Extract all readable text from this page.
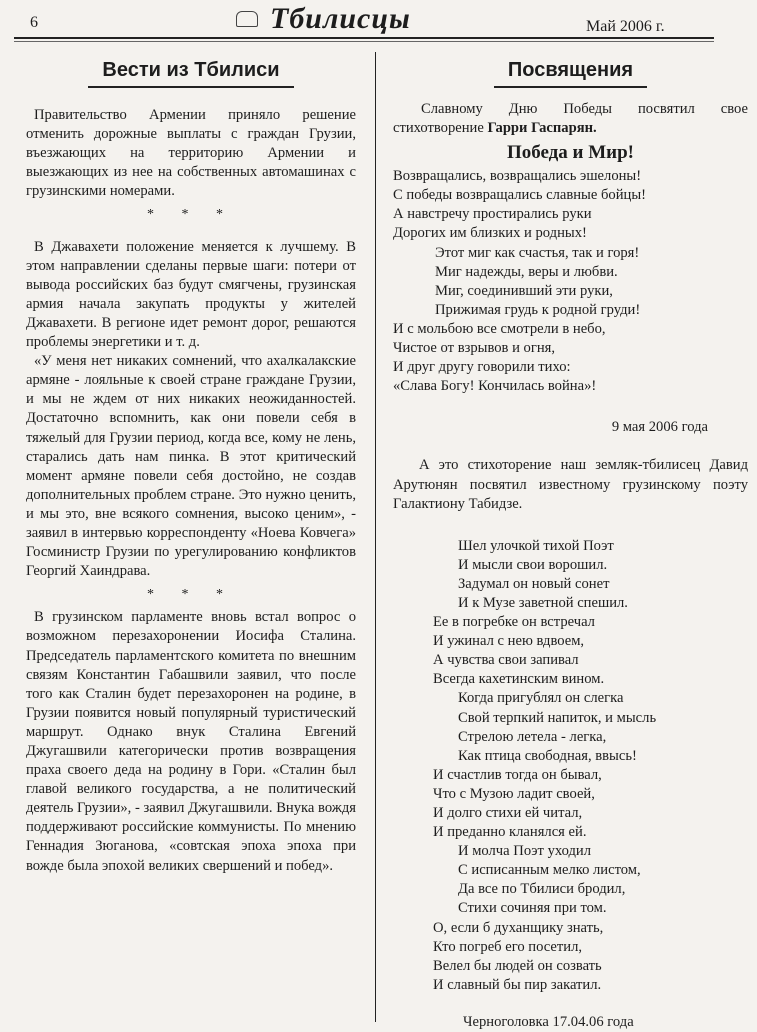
6	Тбилисцы	Май 2006 г.
Вести из Тбилиси

Правительство Армении приняло решение отменить дорожные выплаты с граждан Грузии, въезжающих на территорию Армении и выезжающих из нее на собственных автомашинах с грузинскими номерами.

* * *

В Джавахети положение меняется к лучшему. В этом направлении сделаны первые шаги: потери от вывода российских баз будут смягчены, грузинская армия начала закупать продукты у жителей Джавахети. В регионе идет ремонт дорог, решаются проблемы энергетики и т. д.

«У меня нет никаких сомнений, что ахалкалакские армяне - лояльные к своей стране граждане Грузии, и мы не ждем от них никаких неожиданностей. Достаточно вспомнить, как они повели себя в тяжелый для Грузии период, когда все, кому не лень, старались дать нам пинка. В этот критический момент армяне повели себя достойно, не создав дополнительных проблем стране. Это нужно ценить, и мы это, вне всякого сомнения, высоко ценим», - заявил в интервью корреспонденту «Ноева Ковчега» Госминистр Грузии по урегулированию конфликтов Георгий Хаиндрава.

* * *

В грузинском парламенте вновь встал вопрос о возможном перезахоронении Иосифа Сталина. Председатель парламентского комитета по внешним связям Константин Габашвили заявил, что после того как Сталин будет перезахоронен на родине, в Грузии появится новый популярный туристический маршрут. Однако внук Сталина Евгений Джугашвили категорически против возвращения праха своего деда на родину в Гори. «Сталин был главой великого государства, а не политический деятель Грузии», - заявил Джугашвили. Внука вождя поддерживают российские коммунисты. По мнению Геннадия Зюганова, «совтская эпоха эпоха при вожде была эпохой великих свершений и побед».

Посвящения

Славному Дню Победы посвятил свое стихотворение Гарри Гаспарян.

Победа и Мир!
Возвращались, возвращались эшелоны!
С победы возвращались славные бойцы!
А навстречу простирались руки
Дорогих им близких и родных!
Этот миг как счастья, так и горя!
Миг надежды, веры и любви.
Миг, соединивший эти руки,
Прижимая грудь к родной груди!
И с мольбою все смотрели в небо,
Чистое от взрывов и огня,
И друг другу говорили тихо:
«Слава Богу! Кончилась война»!
9 мая 2006 года

А это стихоторение наш земляк-тбилисец Давид Арутюнян посвятил известному грузинскому поэту Галактиону Табидзе.

Шел улочкой тихой Поэт
И мысли свои ворошил.
Задумал он новый сонет
И к Музе заветной спешил.
Ее в погребке он встречал
И ужинал с нею вдвоем,
А чувства свои запивал
Всегда кахетинским вином.
Когда пригублял он слегка
Свой терпкий напиток, и мысль
Стрелою летела - легка,
Как птица свободная, ввысь!
И счастлив тогда он бывал,
Что с Музою ладит своей,
И долго стихи ей читал,
И преданно кланялся ей.
И молча Поэт уходил
С исписанным мелко листом,
Да все по Тбилиси бродил,
Стихи сочиняя при том.
О, если б духанщику знать,
Кто погреб его посетил,
Велел бы людей он созвать
И славный бы пир закатил.
Черноголовка 17.04.06 года
